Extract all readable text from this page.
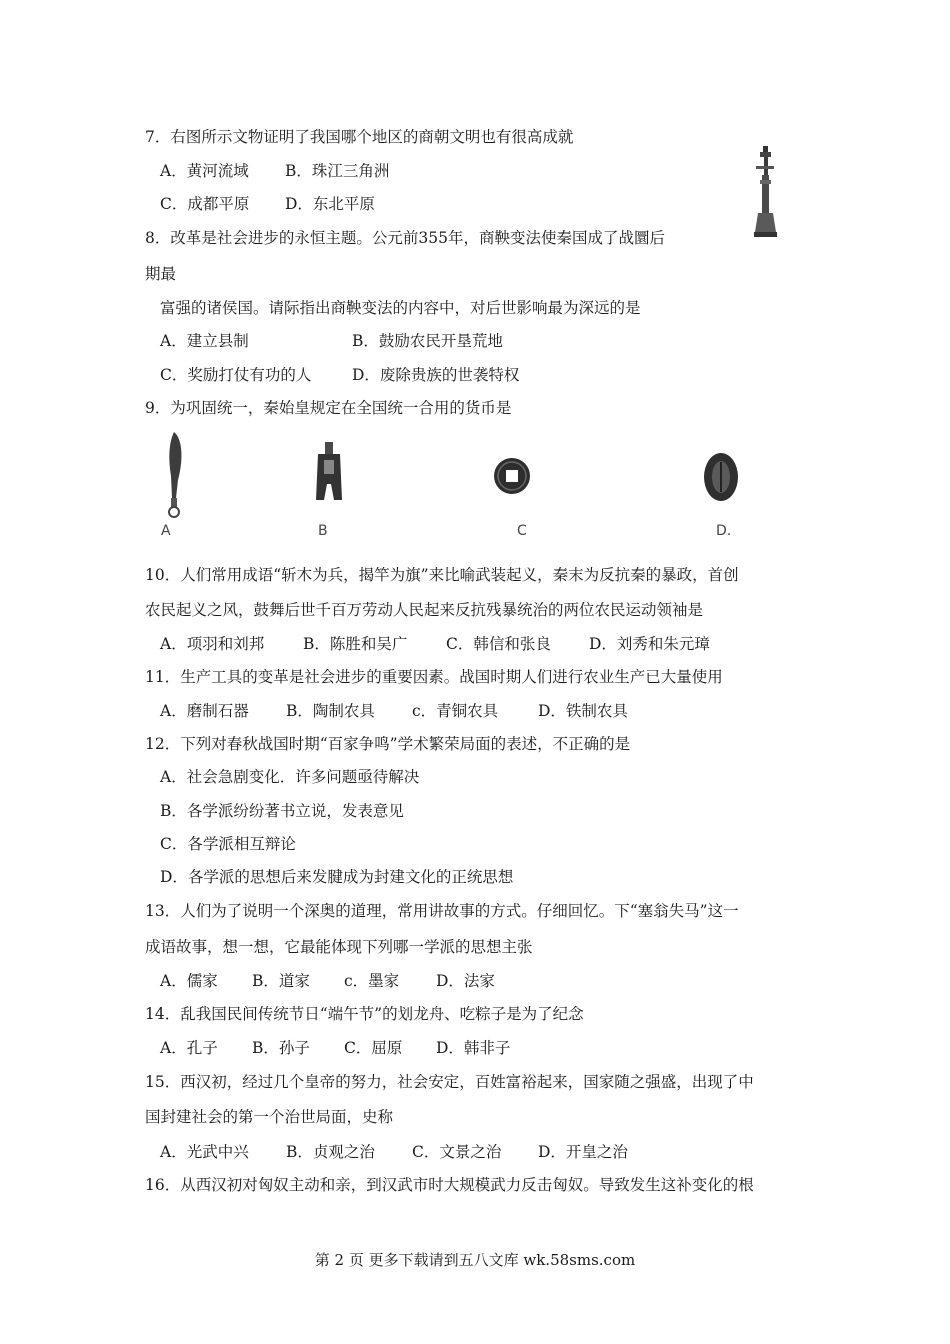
7．右图所示文物证明了我国哪个地区的商朝文明也有很高成就
A．黄河流域 B．珠江三角洲
C．成都平原 D．东北平原
8．改革是社会进步的永恒主题。公元前355年，商鞅变法使秦国成了战圜后
期最
富强的诸侯国。请际指出商鞅变法的内容中，对后世影响最为深远的是
A．建立县制	B．鼓励农民开垦荒地
C．奖励打仗有功的人	D．废除贵族的世袭特权
9．为巩固统一，秦始皇规定在全国统一合用的货币是
A	B	C	D.
10．人们常用成语“斩木为兵，揭竿为旗”来比喻武装起义，秦末为反抗秦的暴政，首创
农民起义之风，鼓舞后世千百万劳动人民起来反抗残暴统治的两位农民运动领袖是
A．项羽和刘邦	B．陈胜和吴广 C．韩信和张良 D．刘秀和朱元璋
11．生产工具的变革是社会进步的重要因素。战国时期人们进行农业生产已大量使用
A．磨制石器 B．陶制农具 c．青铜农具	D．铁制农具
12．下列对春秋战国时期“百家争鸣”学术繁荣局面的表述，不正确的是
A．社会急剧变化．许多问题亟待解决
B．各学派纷纷著书立说，发表意见
C．各学派相互辩论
D．各学派的思想后来发腱成为封建文化的正统思想
13．人们为了说明一个深奥的道理，常用讲故事的方式。仔细回忆。下“塞翁失马”这一
成语故事，想一想，它最能体现下列哪一学派的思想主张
A．儒家 B．道家 c．墨家 D．法家
14．乱我国民间传统节日“端午节”的划龙舟、吃粽子是为了纪念
A．孔子 B．孙子 C．屈原 D．韩非子
15．西汉初，经过几个皇帝的努力，社会安定，百姓富裕起来，国家随之强盛，出现了中
国封建社会的第一个治世局面，史称
A．光武中兴 B．贞观之治 C．文景之治 D．开皇之治
16．从西汉初对匈奴主动和亲，到汉武市时大规模武力反击匈奴。导致发生这补变化的根
第 2 页 更多下载请到五八文库 wk.58sms.com
